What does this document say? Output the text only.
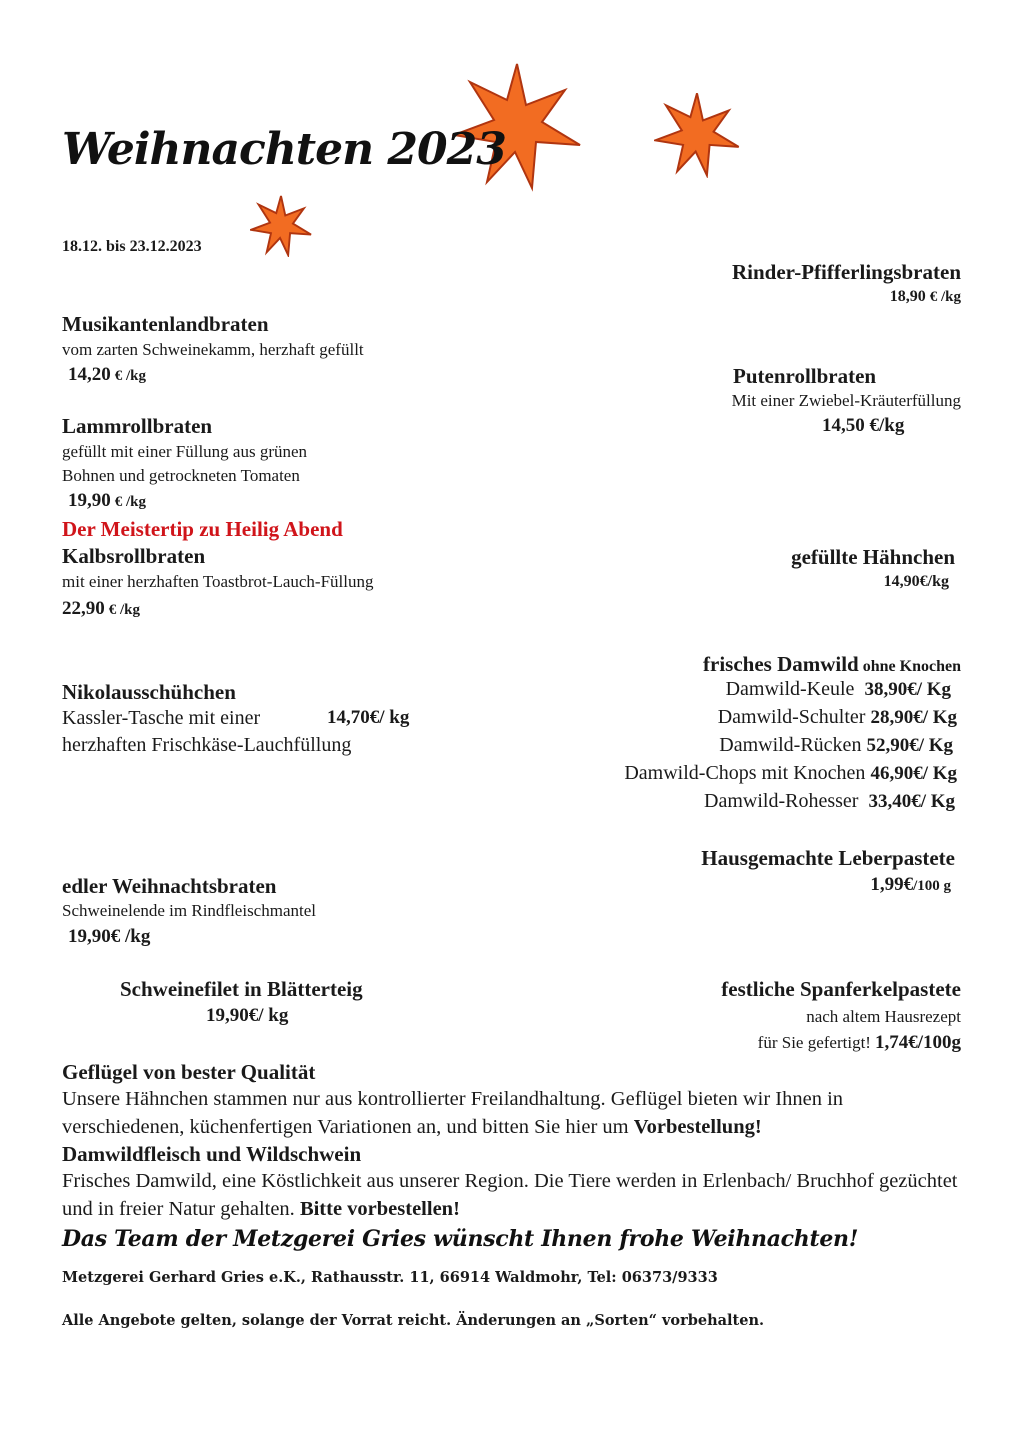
Weihnachten 2023
18.12. bis 23.12.2023
Musikantenlandbraten
vom zarten Schweinekamm, herzhaft gefüllt
14,20 € /kg
Lammrollbraten
gefüllt mit einer Füllung aus grünen
Bohnen und getrockneten Tomaten
19,90 € /kg
Der Meistertip zu Heilig Abend
Kalbsrollbraten
mit einer herzhaften Toastbrot-Lauch-Füllung
22,90 € /kg
Nikolausschühchen
Kassler-Tasche mit einer	14,70€/ kg
herzhaften Frischkäse-Lauchfüllung
edler Weihnachtsbraten
Schweinelende im Rindfleischmantel
19,90€ /kg
Schweinefilet in Blätterteig
19,90€/ kg
Rinder-Pfifferlingsbraten
18,90 € /kg
Putenrollbraten
Mit einer Zwiebel-Kräuterfüllung
14,50 €/kg
gefüllte Hähnchen
14,90€/kg
frisches Damwild ohne Knochen
Damwild-Keule 38,90€/ Kg
Damwild-Schulter 28,90€/ Kg
Damwild-Rücken 52,90€/ Kg
Damwild-Chops mit Knochen 46,90€/ Kg
Damwild-Rohesser 33,40€/ Kg
Hausgemachte Leberpastete
1,99€/100 g
festliche Spanferkelpastete
nach altem Hausrezept
für Sie gefertigt! 1,74€/100g
Geflügel von bester Qualität
Unsere Hähnchen stammen nur aus kontrollierter Freilandhaltung. Geflügel bieten wir Ihnen in verschiedenen, küchenfertigen Variationen an, und bitten Sie hier um Vorbestellung!
Damwildfleisch und Wildschwein
Frisches Damwild, eine Köstlichkeit aus unserer Region. Die Tiere werden in Erlenbach/ Bruchhof gezüchtet und in freier Natur gehalten. Bitte vorbestellen!
Das Team der Metzgerei Gries wünscht Ihnen frohe Weihnachten!
Metzgerei Gerhard Gries e.K., Rathausstr. 11, 66914 Waldmohr, Tel: 06373/9333
Alle Angebote gelten, solange der Vorrat reicht. Änderungen an „Sorten“ vorbehalten.
